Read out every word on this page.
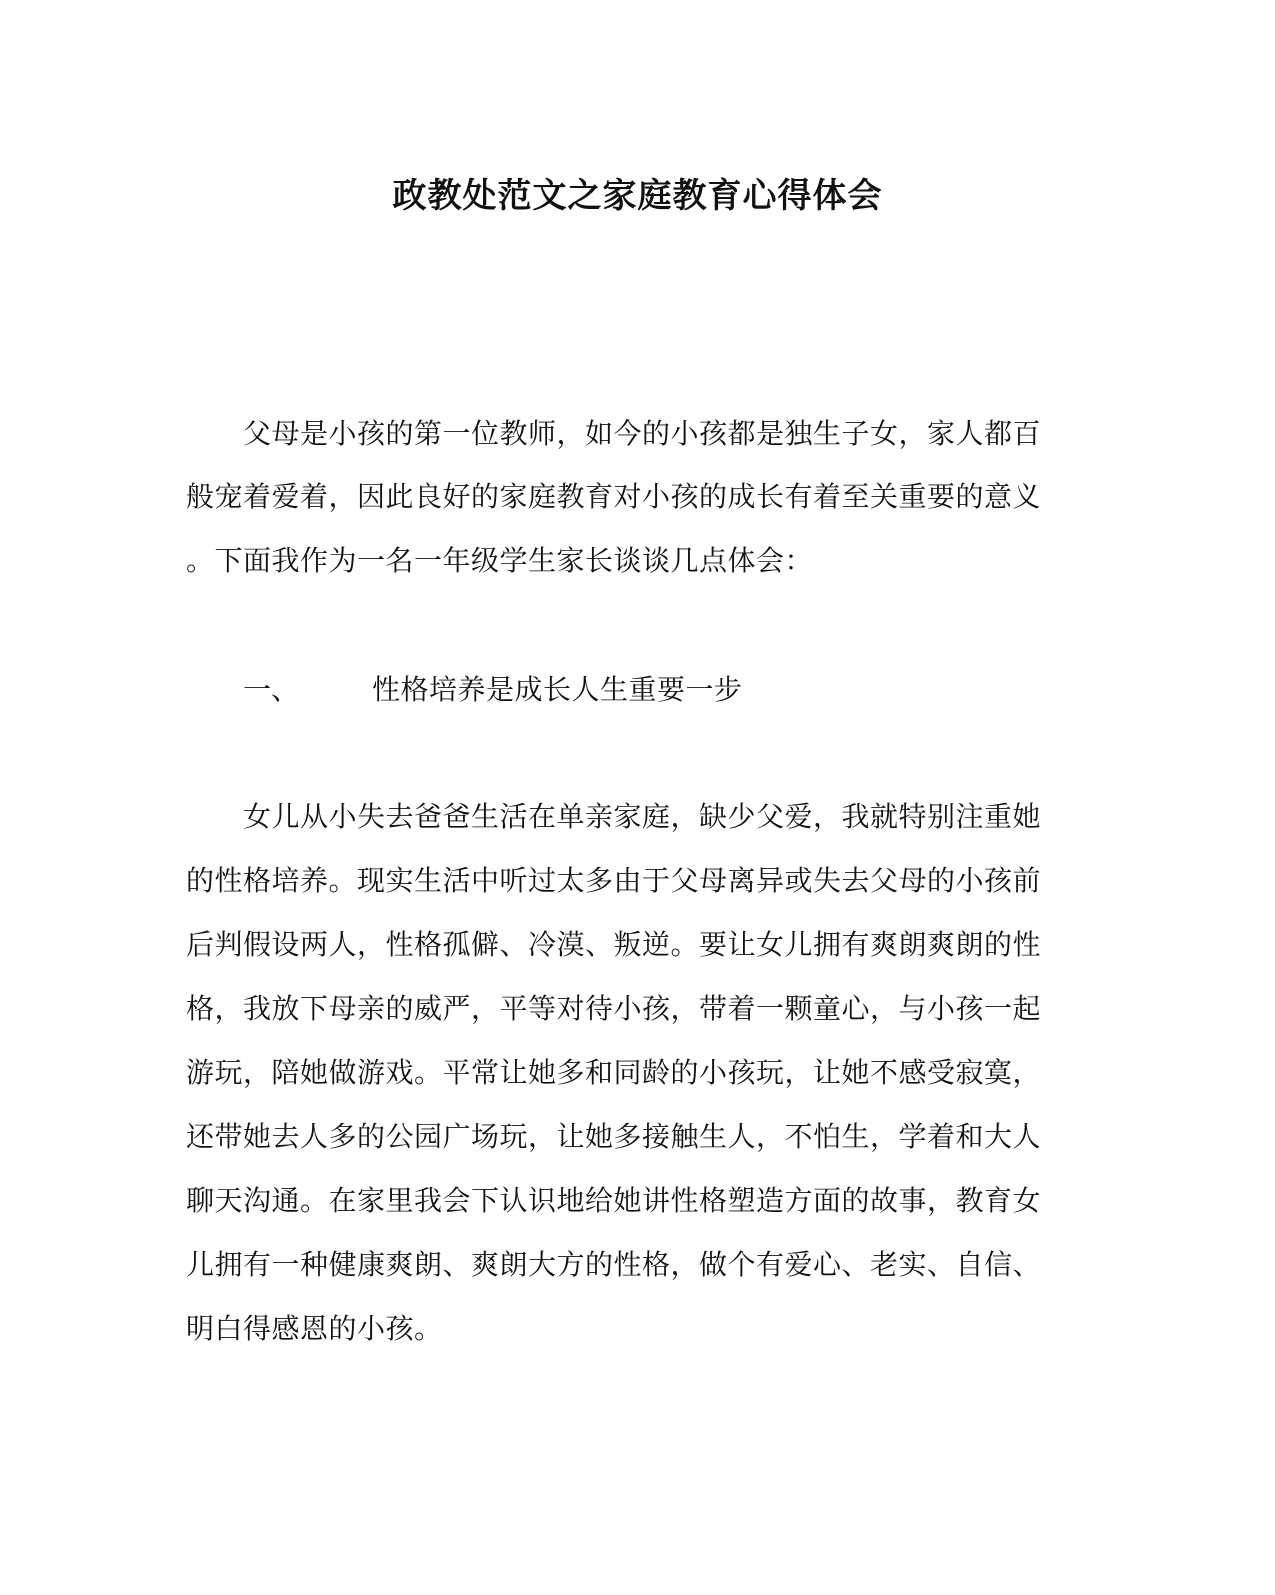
政教处范文之家庭教育心得体会
父母是小孩的第一位教师，如今的小孩都是独生子女，家人都百
般宠着爱着，因此良好的家庭教育对小孩的成长有着至关重要的意义
。下面我作为一名一年级学生家长谈谈几点体会：
一、	性格培养是成长人生重要一步
女儿从小失去爸爸生活在单亲家庭，缺少父爱，我就特别注重她
的性格培养。现实生活中听过太多由于父母离异或失去父母的小孩前
后判假设两人，性格孤僻、冷漠、叛逆。要让女儿拥有爽朗爽朗的性
格，我放下母亲的威严，平等对待小孩，带着一颗童心，与小孩一起
游玩，陪她做游戏。平常让她多和同龄的小孩玩，让她不感受寂寞，
还带她去人多的公园广场玩，让她多接触生人，不怕生，学着和大人
聊天沟通。在家里我会下认识地给她讲性格塑造方面的故事，教育女
儿拥有一种健康爽朗、爽朗大方的性格，做个有爱心、老实、自信、
明白得感恩的小孩。
